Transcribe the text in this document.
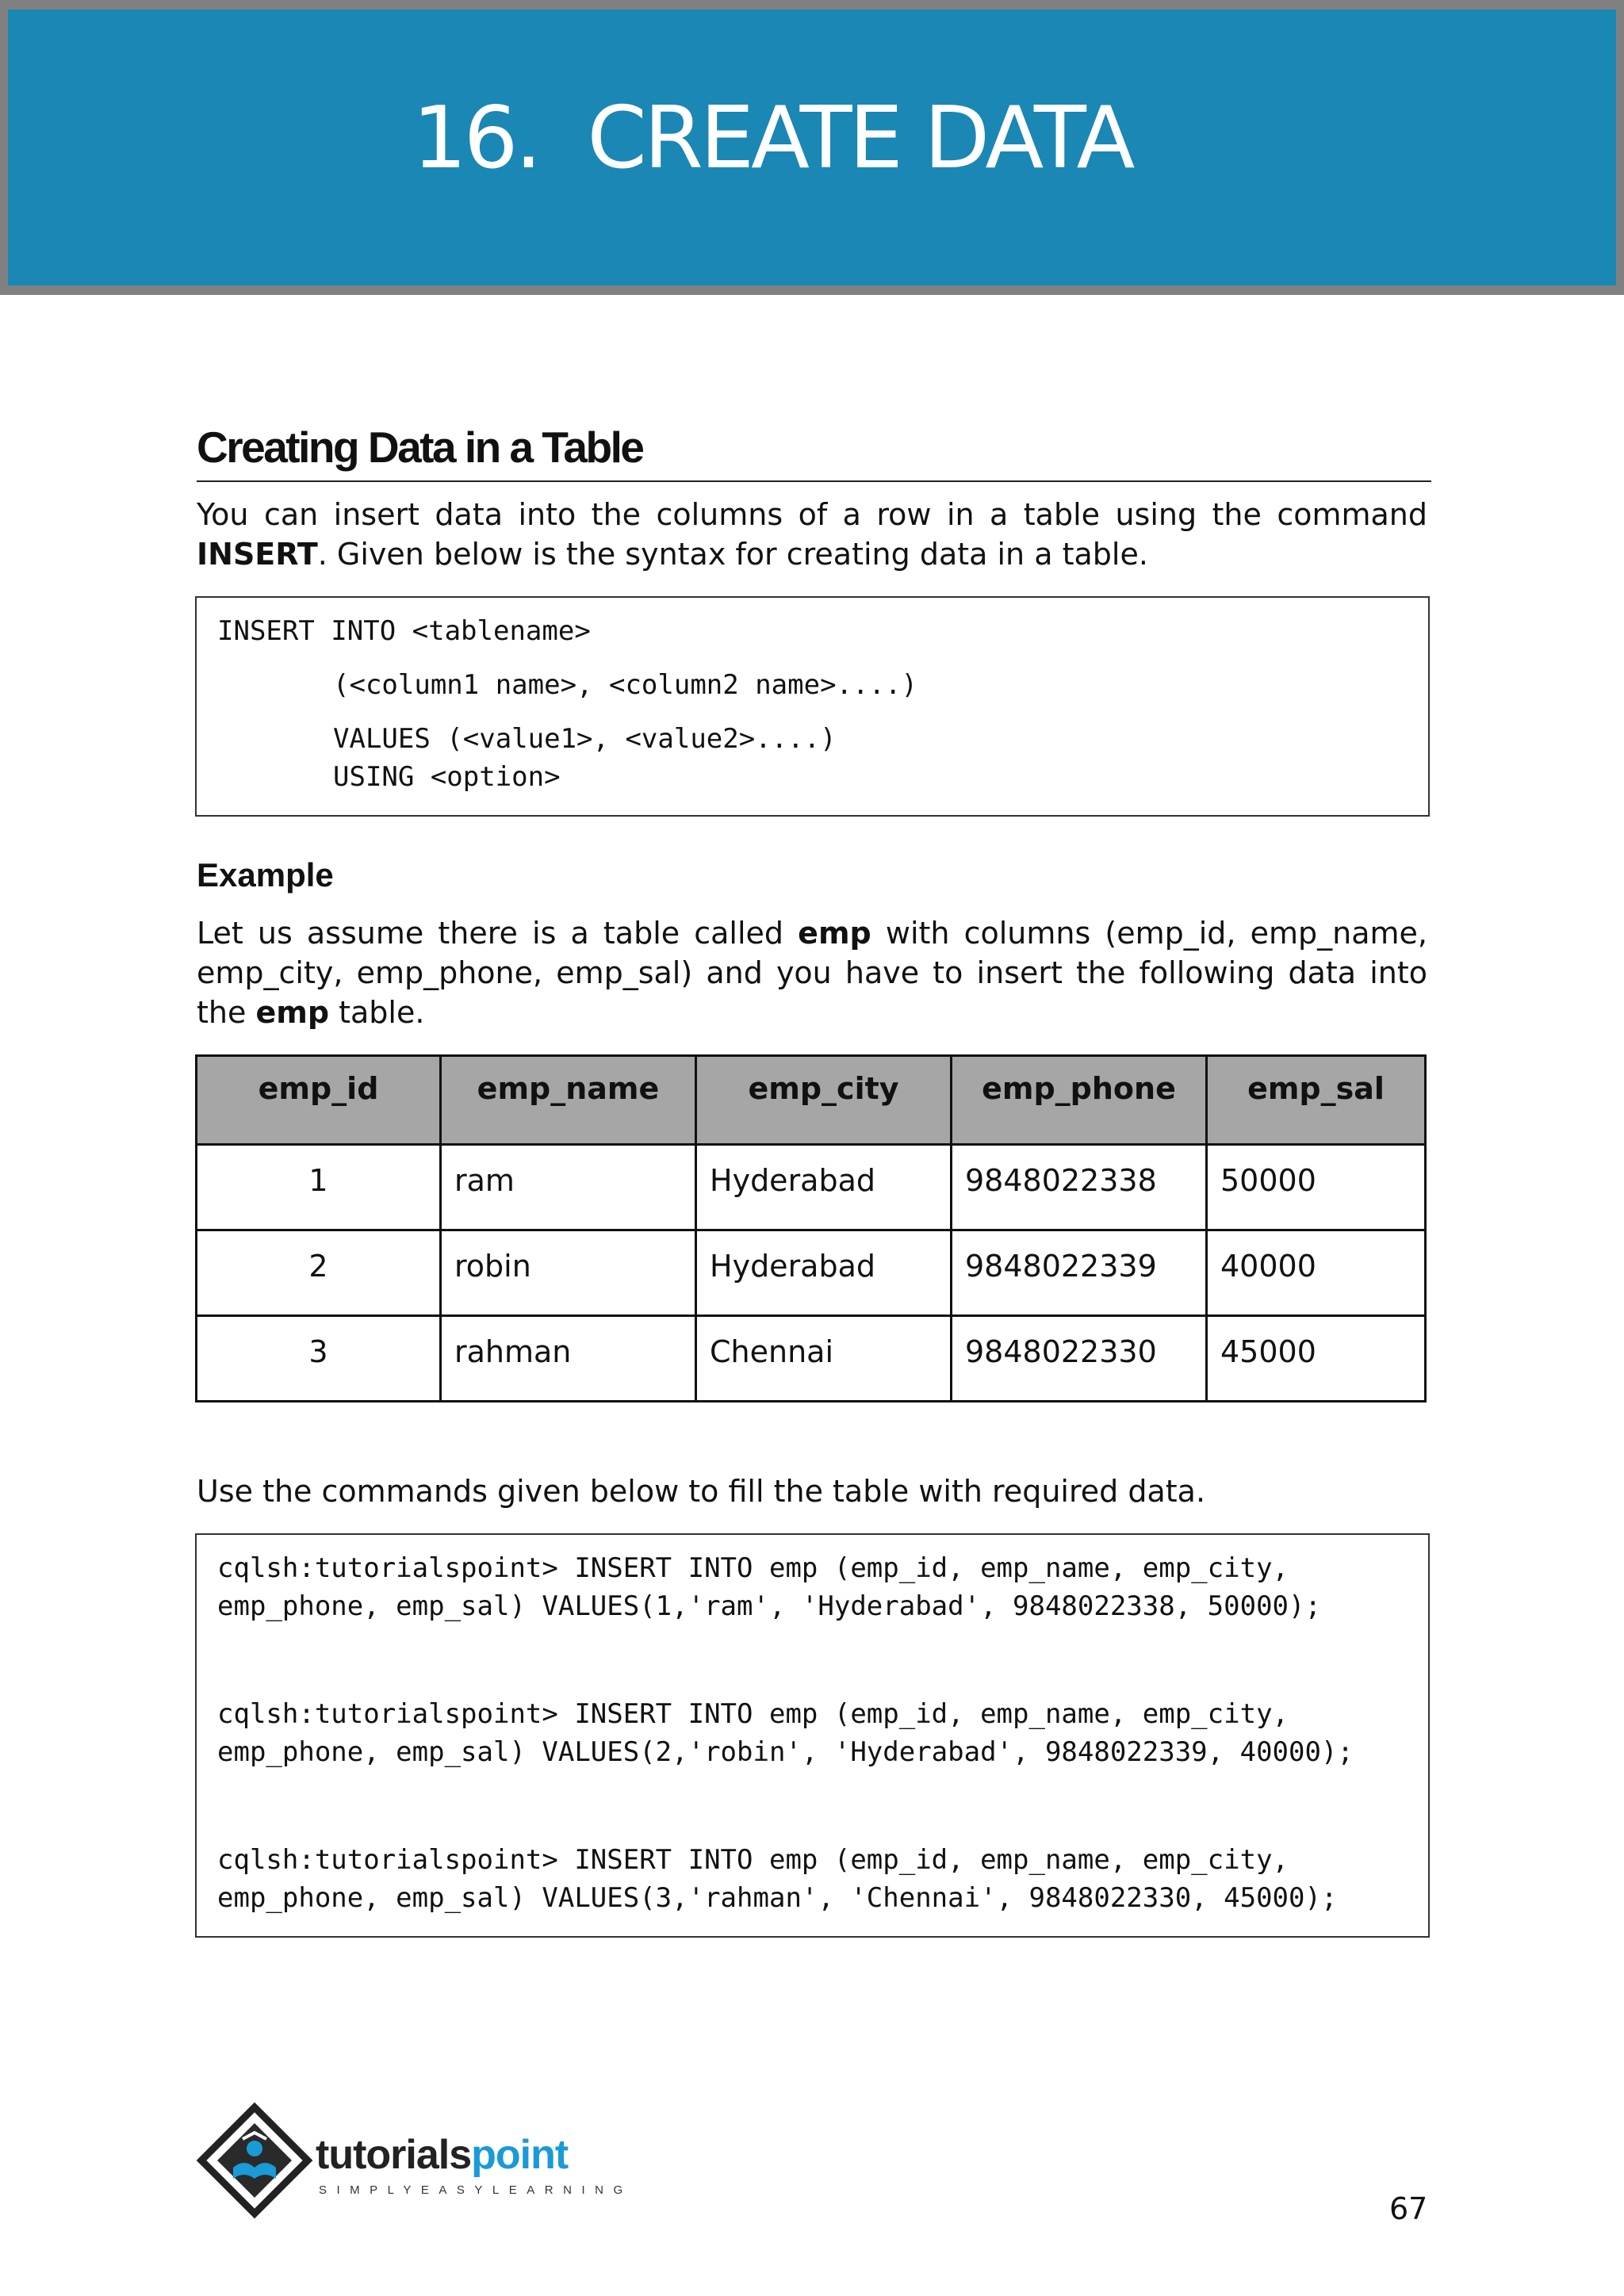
16.  CREATE DATA
Creating Data in a Table

You can insert data into the columns of a row in a table using the command INSERT. Given below is the syntax for creating data in a table.

INSERT INTO <tablename>
(<column1 name>, <column2 name>....)
VALUES (<value1>, <value2>....)
USING <option>
Example

Let us assume there is a table called emp with columns (emp_id, emp_name, emp_city, emp_phone, emp_sal) and you have to insert the following data into the emp table.

emp_id	emp_name	emp_city	emp_phone	emp_sal
1	ram	Hyderabad	9848022338	50000
2	robin	Hyderabad	9848022339	40000
3	rahman	Chennai	9848022330	45000

Use the commands given below to fill the table with required data.

cqlsh:tutorialspoint> INSERT INTO emp (emp_id, emp_name, emp_city,
emp_phone, emp_sal) VALUES(1,'ram', 'Hyderabad', 9848022338, 50000);
cqlsh:tutorialspoint> INSERT INTO emp (emp_id, emp_name, emp_city,
emp_phone, emp_sal) VALUES(2,'robin', 'Hyderabad', 9848022339, 40000);
cqlsh:tutorialspoint> INSERT INTO emp (emp_id, emp_name, emp_city,
emp_phone, emp_sal) VALUES(3,'rahman', 'Chennai', 9848022330, 45000);

tutorialspoint

SIMPLYEASYLEARNING

67
